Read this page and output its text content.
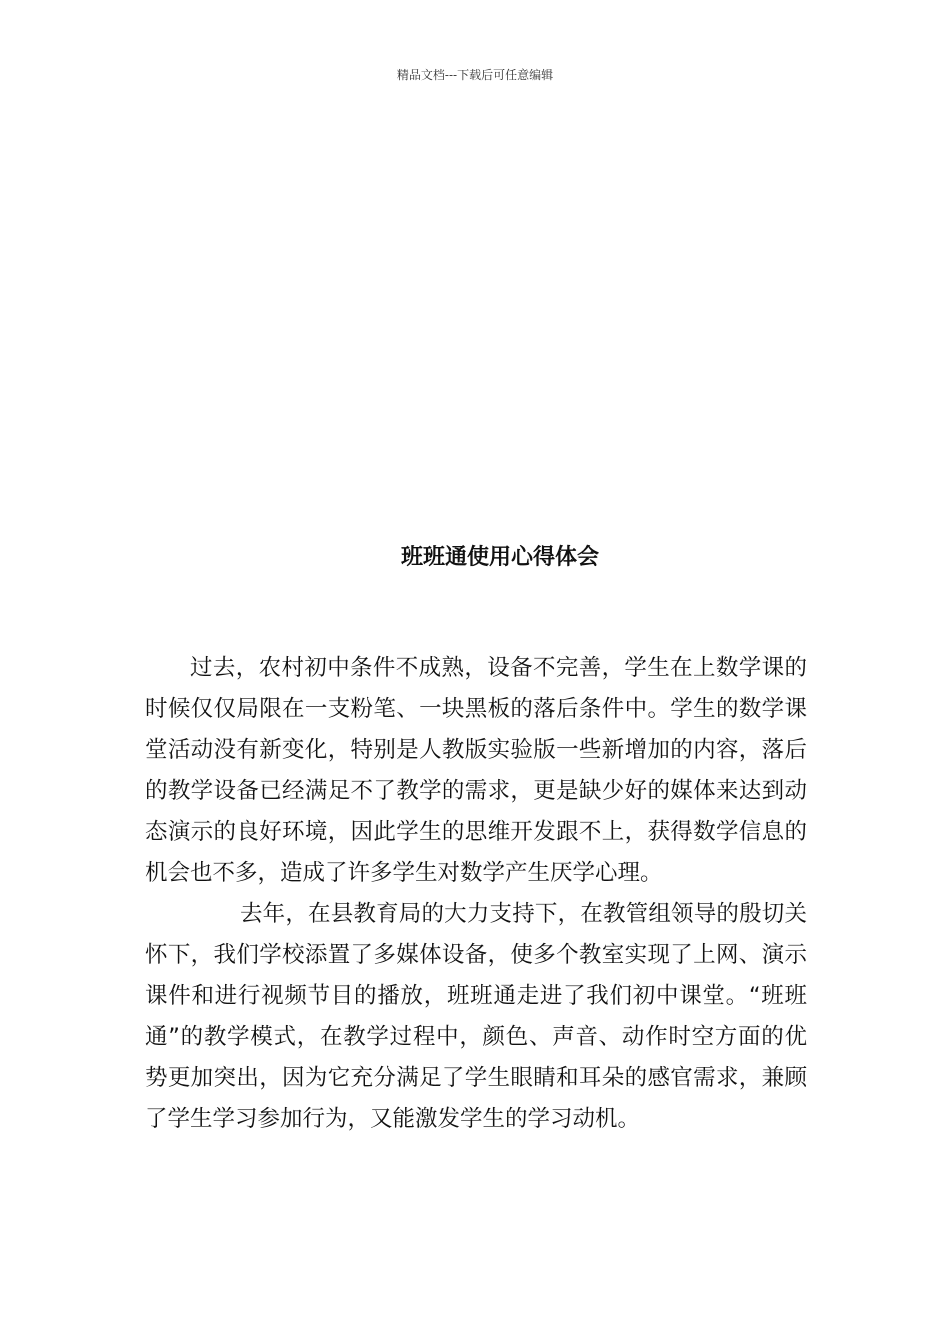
精品文档---下载后可任意编辑
班班通使用心得体会

过去，农村初中条件不成熟，设备不完善，学生在上数学课的时候仅仅局限在一支粉笔、一块黑板的落后条件中。学生的数学课堂活动没有新变化，特别是人教版实验版一些新增加的内容，落后的教学设备已经满足不了教学的需求，更是缺少好的媒体来达到动态演示的良好环境，因此学生的思维开发跟不上，获得数学信息的机会也不多，造成了许多学生对数学产生厌学心理。

去年，在县教育局的大力支持下，在教管组领导的殷切关怀下，我们学校添置了多媒体设备，使多个教室实现了上网、演示课件和进行视频节目的播放，班班通走进了我们初中课堂。“班班通”的教学模式，在教学过程中，颜色、声音、动作时空方面的优势更加突出，因为它充分满足了学生眼睛和耳朵的感官需求，兼顾了学生学习参加行为，又能激发学生的学习动机。
